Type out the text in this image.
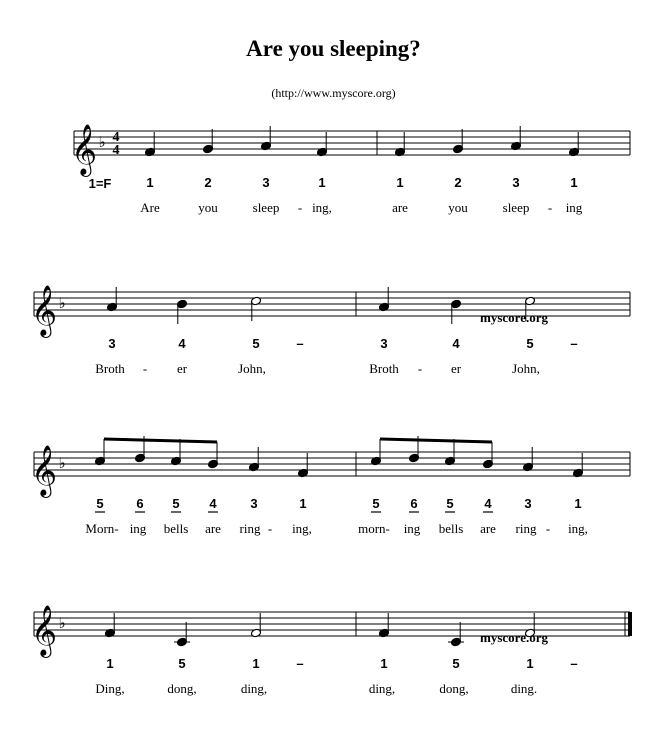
Are you sleeping?
(http://www.myscore.org)
𝄞 ♭ 4
4
1=F	1	2	3	1	1	2	3	1
Are	you	sleep - ing,	are	you	sleep - ing
𝄞 ♭
3	4	5	–	3	4	5	–
Broth - er	John,	Broth - er	John,
myscore.org
𝄞 ♭
5	6 5 4	3	1	5 6 5 4	3	1
Morn- ing bells are ring - ing,	morn- ing bells are ring - ing,
𝄞 ♭
1	5	1	–	1	5	1	–
Ding,	dong,	ding,	ding,	dong,	ding.
myscore.org
